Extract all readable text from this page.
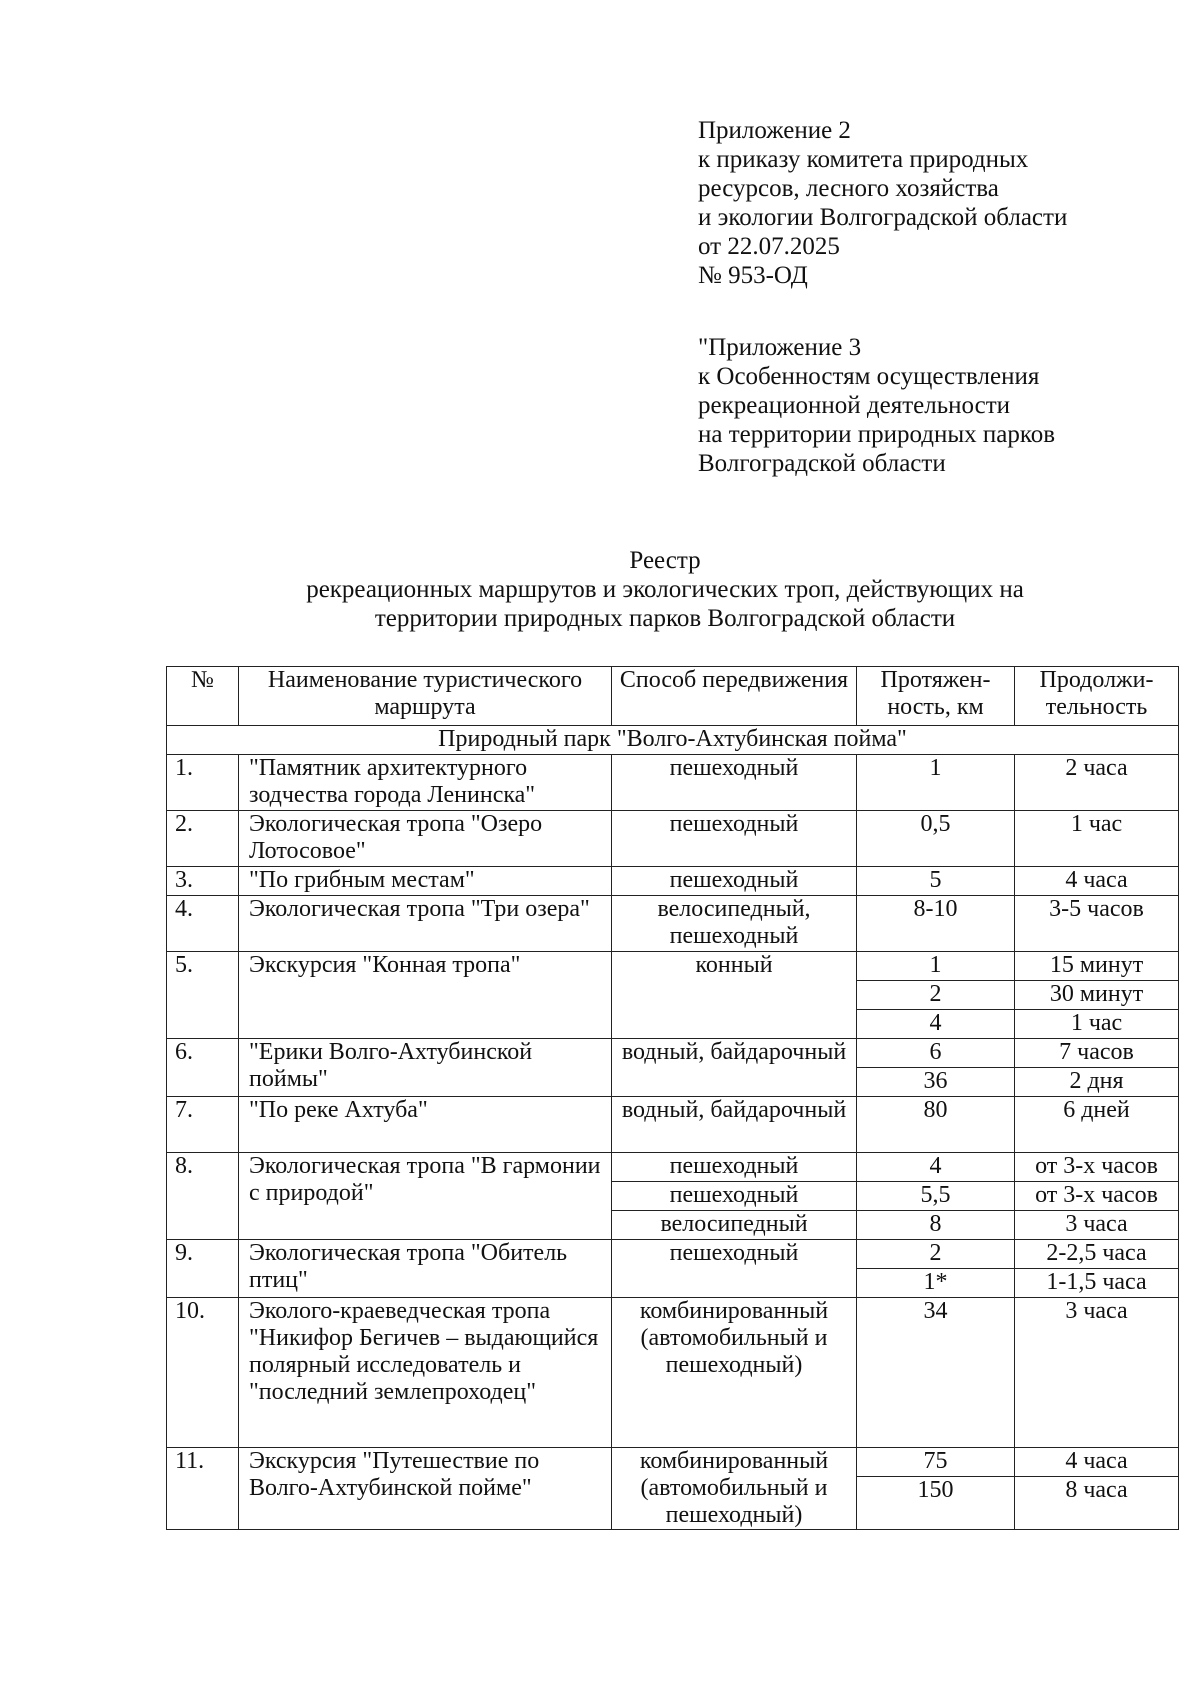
Приложение 2
к приказу комитета природных
ресурсов, лесного хозяйства
и экологии Волгоградской области
от 22.07.2025
№ 953-ОД
"Приложение 3
к Особенностям осуществления
рекреационной деятельности
на территории природных парков
Волгоградской области
Реестр
рекреационных маршрутов и экологических троп, действующих на
территории природных парков Волгоградской области
№	Наименование туристического маршрута	Способ передвижения	Протяжен-ность, км	Продолжи-тельность
Природный парк "Волго-Ахтубинская пойма"				
1.	"Памятник архитектурного зодчества города Ленинска"	пешеходный	1	2 часа
2.	Экологическая тропа "Озеро Лотосовое"	пешеходный	0,5	1 час
3.	"По грибным местам"	пешеходный	5	4 часа
4.	Экологическая тропа "Три озера"	велосипедный, пешеходный	8-10	3-5 часов
5.	Экскурсия "Конная тропа"	конный	1	15 минут
			2	30 минут
			4	1 час
6.	"Ерики Волго-Ахтубинской поймы"	водный, байдарочный	6	7 часов
			36	2 дня
7.	"По реке Ахтуба"	водный, байдарочный	80	6 дней
8.	Экологическая тропа "В гармонии с природой"	пешеходный	4	от 3-х часов
		пешеходный	5,5	от 3-х часов
		велосипедный	8	3 часа
9.	Экологическая тропа "Обитель птиц"	пешеходный	2	2-2,5 часа
			1*	1-1,5 часа
10.	Эколого-краеведческая тропа "Никифор Бегичев – выдающийся полярный исследователь и "последний землепроходец"	комбинированный (автомобильный и пешеходный)	34	3 часа
11.	Экскурсия "Путешествие по Волго-Ахтубинской пойме"	комбинированный (автомобильный и пешеходный)	75	4 часа
			150	8 часа
